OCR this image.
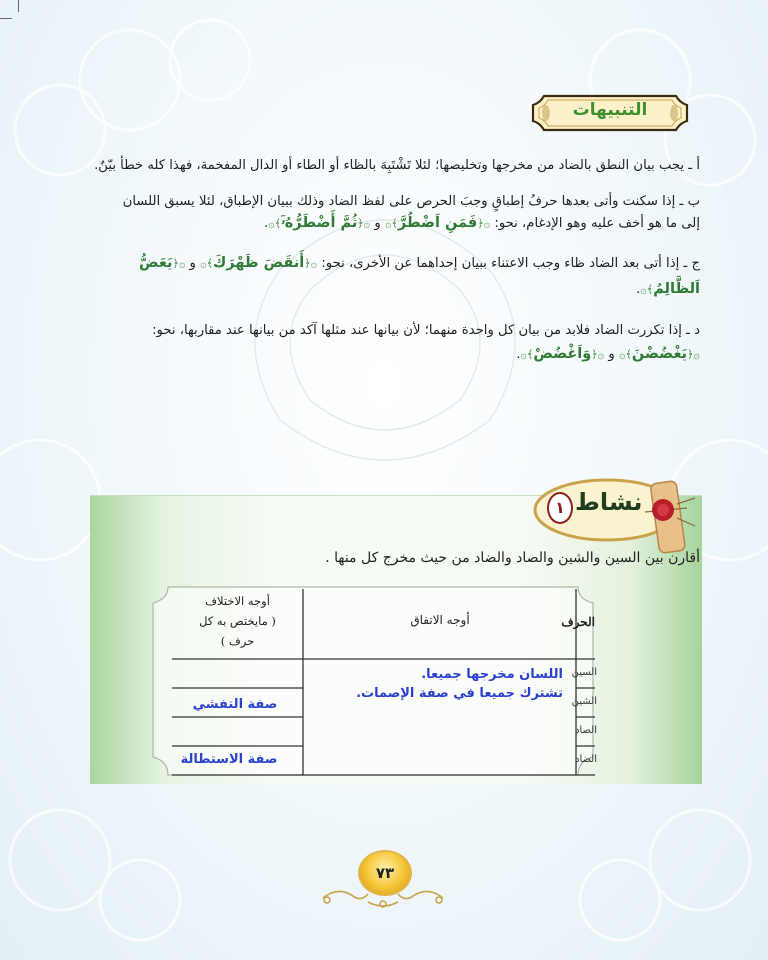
التنبيهات
أ ـ يجب بيان النطق بالضاد من مخرجها وتخليصها؛ لئلا تَشْتَبِهَ بالظاء أو الطاء أو الدال المفخمة، فهذا كله خطأ بيّنٌ.
ب ـ إذا سكنت وأتى بعدها حرفُ إطباقٍ وجبَ الحرص على لفظ الضاد وذلك ببيان الإطباق، لئلا يسبق اللسان
إلى ما هو أخف عليه وهو الإدغام، نحو: ۞﴿فَمَنِ اَضْطُرَّ﴾۞ و ۞﴿ثُمَّ أَضْطَرُّهُۥٓ﴾۞.
ج ـ إذا أتى بعد الضاد ظاء وجب الاعتناء ببيان إحداهما عن الأخرى، نحو: ۞﴿أَنقَضَ ظَهْرَكَ﴾۞ و ۞﴿يَعَضُّ
اَلظَّالِمُ﴾۞.
د ـ إذا تكررت الضاد فلابد من بيان كل واحدة منهما؛ لأن بيانها عند مثلها آكد من بيانها عند مقاربها، نحو:
۞﴿يَغْضُضْنَ﴾۞ و ۞﴿وَاَغْضُضْ﴾۞.
١ نشاط
أقارن بين السين والشين والصاد والضاد من حيث مخرج كل منها .
الحرف
أوجه الاتفاق
أوجه الاختلاف
( مايختص به كل
حرف )
السين
الشين
الصاد
الضاد
اللسان مخرجها جميعا.
تشترك جميعا في صفة الإصمات.
صفة التفشي
صفة الاستطالة
٧٣
